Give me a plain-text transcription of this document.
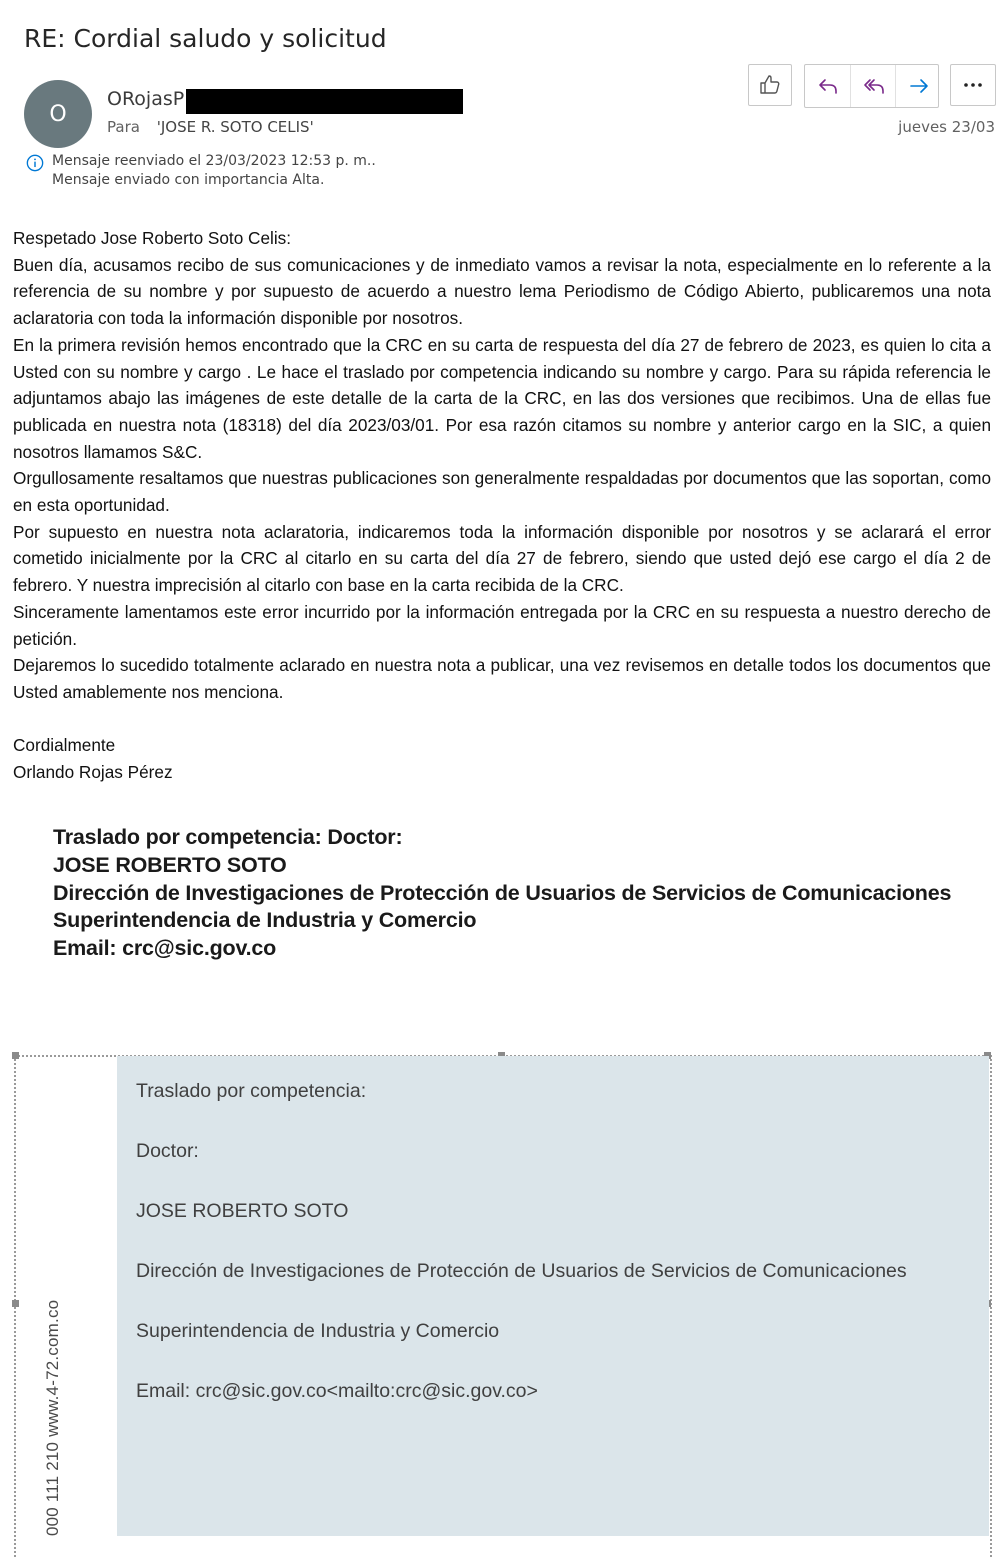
RE: Cordial saludo y solicitud
O
ORojasP
Para 'JOSE R. SOTO CELIS'	jueves 23/03
Mensaje reenviado el 23/03/2023 12:53 p. m..
Mensaje enviado con importancia Alta.

Respetado Jose Roberto Soto Celis:

Buen día, acusamos recibo de sus comunicaciones y de inmediato vamos a revisar la nota, especialmente en lo referente a la referencia de su nombre y por supuesto de acuerdo a nuestro lema Periodismo de Código Abierto, publicaremos una nota aclaratoria con toda la información disponible por nosotros.

En la primera revisión hemos encontrado que la CRC en su carta de respuesta del día 27 de febrero de 2023, es quien lo cita a Usted con su nombre y cargo . Le hace el traslado por competencia indicando su nombre y cargo. Para su rápida referencia le adjuntamos abajo las imágenes de este detalle de la carta de la CRC, en las dos versiones que recibimos. Una de ellas fue publicada en nuestra nota (18318) del día 2023/03/01. Por esa razón citamos su nombre y anterior cargo en la SIC, a quien nosotros llamamos S&C.

Orgullosamente resaltamos que nuestras publicaciones son generalmente respaldadas por documentos que las soportan, como en esta oportunidad.

Por supuesto en nuestra nota aclaratoria, indicaremos toda la información disponible por nosotros y se aclarará el error cometido inicialmente por la CRC al citarlo en su carta del día 27 de febrero, siendo que usted dejó ese cargo el día 2 de febrero. Y nuestra imprecisión al citarlo con base en la carta recibida de la CRC.

Sinceramente lamentamos este error incurrido por la información entregada por la CRC en su respuesta a nuestro derecho de petición.

Dejaremos lo sucedido totalmente aclarado en nuestra nota a publicar, una vez revisemos en detalle todos los documentos que Usted amablemente nos menciona.

Cordialmente
Orlando Rojas Pérez
Traslado por competencia: Doctor:
JOSE ROBERTO SOTO
Dirección de Investigaciones de Protección de Usuarios de Servicios de Comunicaciones
Superintendencia de Industria y Comercio
Email: crc@sic.gov.co
Traslado por competencia:
Doctor:
JOSE ROBERTO SOTO
Dirección de Investigaciones de Protección de Usuarios de Servicios de Comunicaciones
Superintendencia de Industria y Comercio
Email: crc@sic.gov.co<mailto:crc@sic.gov.co>
000 111 210 www.4-72.com.co
